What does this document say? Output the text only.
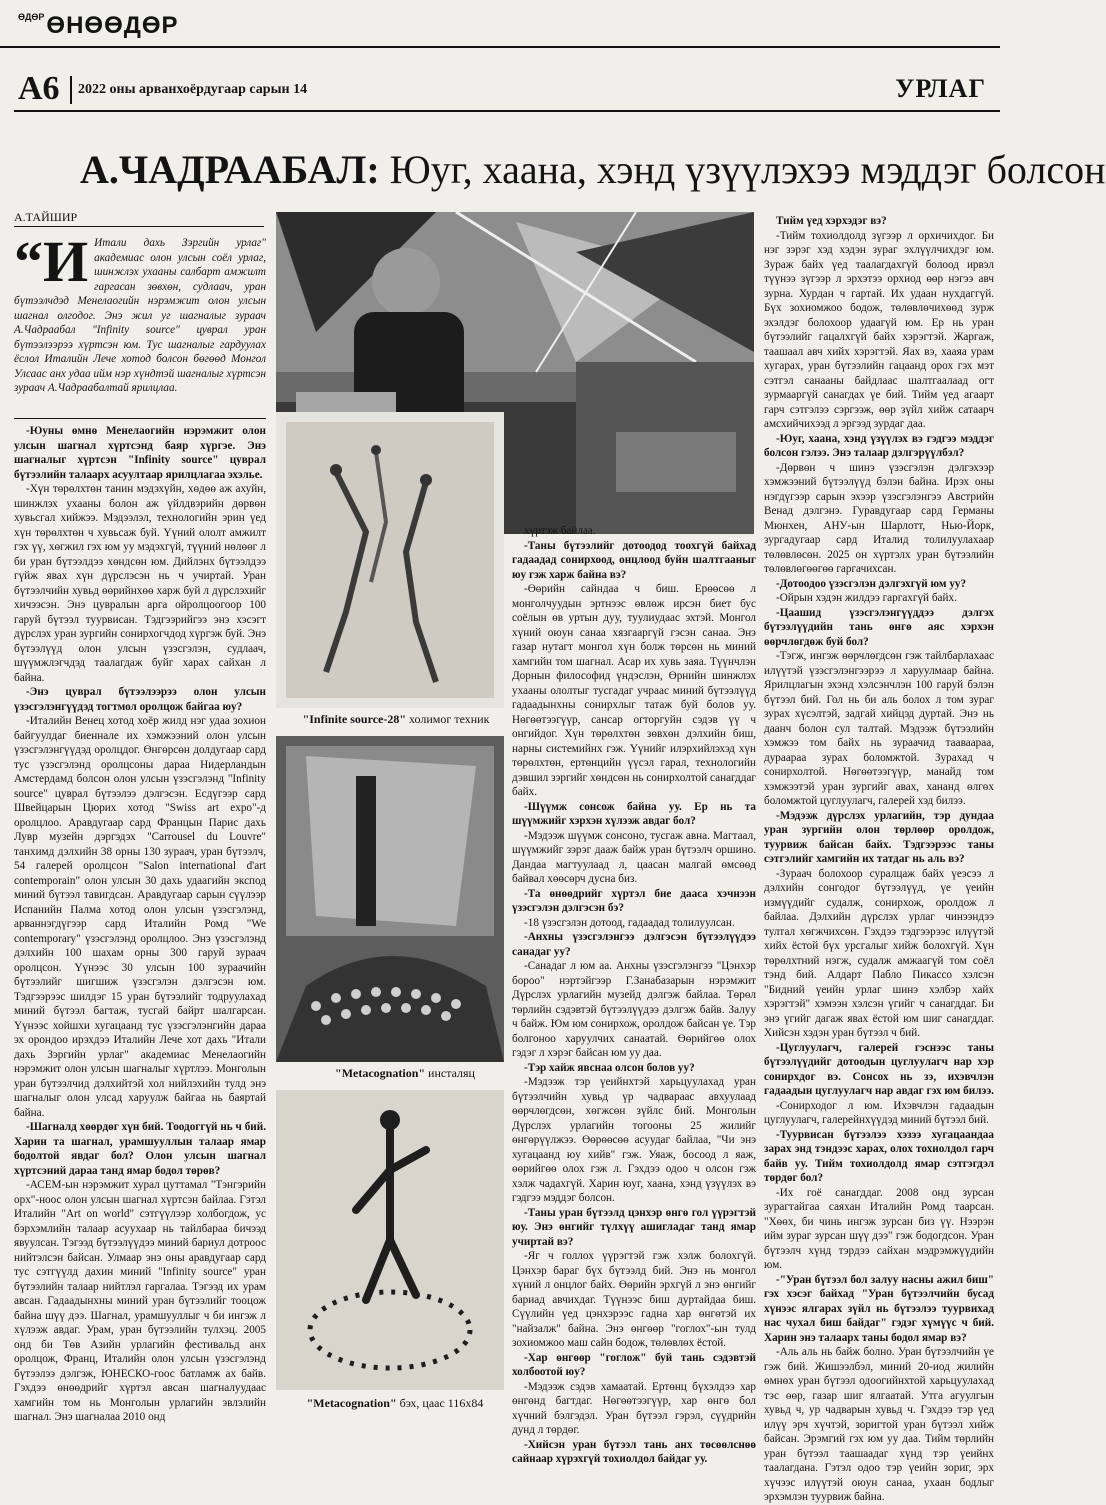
$^{ӨДӨР}$ӨНӨӨДӨР
A6 2022 оны арванхоёрдугаар сарын 14	УРЛАГ
А.ЧАДРААБАЛ: Юуг, хаана, хэнд үзүүлэхээ мэддэг болсон
А.ТАЙШИР
“И Итали дахь Зэргийн урлаг" академиас олон улсын соёл урлаг, шинжлэх ухааны салбарт амжилт гаргасан зөвхөн, судлаач, уран бүтээлчдэд Менелаогийн нэрэмжит олон улсын шагнал олгодог. Энэ жил уг шагналыг зураач А.Чадраабал "Infinity source" цуврал уран бүтээлээрээ хүртсэн юм. Тус шагналыг гардуулах ёслол Италийн Лече хотод болсон бөгөөд Монгол Улсаас анх удаа ийм нэр хүндтэй шагналыг хүртсэн зураач А.Чадраабалтай ярилцлаа.

-Юуны өмнө Менелаогийн нэрэмжит олон улсын шагнал хүртсэнд баяр хүргэе. Энэ шагналыг хүртсэн "Infinity source" цуврал бүтээлийн талаарх асуултаар ярилцлагаа эхэлье.

-Хүн төрөлхтөн танин мэдэхүйн, хөдөө аж ахуйн, шинжлэх ухааны болон аж үйлдвэрийн дөрвөн хувьсгал хийжээ. Мэдээлэл, технологийн эрин үед хүн төрөлхтөн ч хувьсаж буй. Үүний ололт амжилт гэх үү, хөгжил гэх юм уу мэдэхгүй, түүний нөлөөг л би уран бүтээлдээ хөндсөн юм. Дийлэнх бүтээлдээ гүйж явах хүн дүрслэсэн нь ч учиртай. Уран бүтээлчийн хувьд өөрийнхөө харж буй л дүрслэхийг хичээсэн. Энэ цувралын арга ойролцоогоор 100 гаруй бүтээл туурвисан. Тэдгээрийгээ энэ хэсэгт дүрслэх уран зургийн сонирхогчдод хүргэж буй. Энэ бүтээлүүд олон улсын үзэсгэлэн, судлаач, шүүмжлэгчдэд таалагдаж буйг харах сайхан л байна.

-Энэ цуврал бүтээлээрээ олон улсын үзэсгэлэнгүүдэд тогтмол оролцож байгаа юу?

-Италийн Венец хотод хоёр жилд нэг удаа зохион байгуулдаг биеннале их хэмжээний олон улсын үзэсгэлэнгүүдэд оролцдог. Өнгөрсөн долдугаар сард тус үзэсгэлэнд оролцсоны дараа Нидерландын Амстердамд болсон олон улсын үзэсгэлэнд "Infinity source" цуврал бүтээлээ дэлгэсэн. Есдүгээр сард Швейцарын Цюрих хотод "Swiss art expo"-д оролцлоо. Аравдугаар сард Францын Парис дахь Лувр музейн дэргэдэх "Carrousel du Louvre" танхимд дэлхийн 38 орны 130 зураач, уран бүтээлч, 54 галерей оролцсон "Salon international d'art contemporain" олон улсын 30 дахь удаагийн экспод миний бүтээл тавигдсан. Аравдугаар сарын сүүлээр Испанийн Палма хотод олон улсын үзэсгэлэнд, арваннэгдүгээр сард Италийн Ромд "We contemporary" үзэсгэлэнд оролцлоо. Энэ үзэсгэлэнд дэлхийн 100 шахам орны 300 гаруй зураач оролцсон. Үүнээс 30 улсын 100 зураачийн бүтээлийг шигшиж үзэсгэлэн дэлгэсэн юм. Тэдгээрээс шилдэг 15 уран бүтээлийг тодруулахад миний бүтээл багтаж, тусгай байрт шалгарсан. Үүнээс хойшхи хугацаанд тус үзэсгэлэнгийн дараа эх орондоо ирэхдээ Италийн Лече хот дахь "Итали дахь Зэргийн урлаг" академиас Менелаогийн нэрэмжит олон улсын шагналыг хүртлээ. Монголын уран бүтээлчид дэлхийтэй хол нийлэхийн тулд энэ шагналыг олон улсад харуулж байгаа нь баяртай байна.

-Шагналд хөөрдөг хүн бий. Тоодоггүй нь ч бий. Харин та шагнал, урамшууллын талаар ямар бодолтой явдаг бол? Олон улсын шагнал хүртсэний дараа танд ямар бодол төрөв?

-АСЕМ-ын нэрэмжит хурал цуттамал "Тэнгэрийн орх"-ноос олон улсын шагнал хүртсэн байлаа. Гэтэл Италийн "Art on world" сэтгүүлээр холбогдож, ус бэрхэмлийн талаар асуухаар нь тайлбараа бичээд явуулсан. Тэгээд бүтээлүүдээ миний бариул дотроос нийтэлсэн байсан. Улмаар энэ оны аравдугаар сард тус сэтгүүлд дахин миний "Infinity source" уран бүтээлийн талаар нийтлэл гаргалаа. Тэгээд их урам авсан. Гадаадынхны миний уран бүтээлийг тооцож байна шүү дээ. Шагнал, урамшууллыг ч би ингэж л хүлээж авдаг. Урам, уран бүтээлийн тулхэц. 2005 онд би Төв Азийн урлагийн фестивальд анх оролцож, Франц, Италийн олон улсын үзэсгэлэнд бүтээлээ дэлгэж, ЮНЕСКО-гоос батламж ах байв. Гэхдээ өнөөдрийг хүртэл авсан шагналуудаас хамгийн том нь Монголын урлагийн эвлэлийн шагнал. Энэ шагналаа 2010 онд

"Infinite source-28" холимог техник
"Metacognation" инсталяц
"Metacognation" бэх, цаас 116х84

хүртэж байлаа.

-Таны бүтээлийг дотоодод тоохгүй байхад гадаадад сонирхоод, онцлоод буйн шалтгааныг юу гэж харж байна вэ?

-Өөрийн сайндаа ч биш. Ерөөсөө л монголчуудын эртнээс өвлөж ирсэн биет бус соёлын өв уртын дуу, туулиудаас эхтэй. Монгол хүний оюун санаа хязгааргүй гэсэн санаа. Энэ газар нутагт монгол хүн болж төрсөн нь миний хамгийн том шагнал. Асар их хувь заяа. Түүнчлэн Дорнын философид үндэслэн, Өрнийн шинжлэх ухааны ололтыг тусгадаг учраас миний бүтээлүүд гадаадынхны сонирхлыг татаж буй болов уу. Нөгөөтээгүүр, сансар огторгуйн сэдэв үү ч онгийдог. Хүн төрөлхтөн зөвхөн дэлхийн биш, нарны системийнх гэж. Үүнийг илэрхийлэхэд хүн төрөлхтөн, ертөнцийн үүсэл гарал, технологийн дэвшил зэргийг хөндсөн нь сонирхолтой санагддаг байх.

-Шүүмж сонсож байна уу. Ер нь та шүүмжийг хэрхэн хүлээж авдаг бол?

-Мэдээж шүүмж сонсоно, тусгаж авна. Магтаал, шүүмжийг зэрэг дааж байж уран бүтээлч оршино. Дандаа магтуулаад л, цаасан малгай өмсөөд байвал хөөсөрч дусна биз.

-Та өнөөдрийг хүртэл бие дааса хэчнээн үзэсгэлэн дэлгэсэн бэ?

-18 үзэсгэлэн дотоод, гадаадад толилуулсан.

-Анхны үзэсгэлэнгээ дэлгэсэн бүтээлүүдээ санадаг уу?

-Санадаг л юм аа. Анхны үзэсгэлэнгээ "Цэнхэр бороо" нэртэйгээр Г.Занабазарын нэрэмжит Дүрслэх урлагийн музейд дэлгэж байлаа. Төрөл төрлийн сэдэвтэй бүтээлүүдээ дэлгэж байв. Залуу ч байж. Юм юм сонирхож, оролдож байсан үе. Тэр болгоноо харуулчих санаатай. Өөрийгөө олох гэдэг л хэрэг байсан юм уу даа.

-Тэр хайж явснаа олсон болов уу?

-Мэдээж тэр үеийнхтэй харьцуулахад уран бүтээлчийн хувьд үр чадвараас авхуулаад өөрчлөгдсөн, хөгжсөн зүйлс бий. Монголын Дүрслэх урлагийн тогооны 25 жилийг өнгөрүүлжээ. Өөрөөсөө асуудаг байлаа, "Чи энэ хугацаанд юу хийв" гэж. Уяаж, босоод л яаж, өөрийгөө олох гэж л. Гэхдээ одоо ч олсон гэж хэлж чадахгүй. Харин юуг, хаана, хэнд үзүүлэх вэ гэдгээ мэддэг болсон.

-Таны уран бүтээлд цэнхэр өнгө гол үүрэгтэй юу. Энэ өнгийг түлхүү ашигладаг танд ямар учиртай вэ?

-Яг ч голлох үүрэгтэй гэж хэлж болохгүй. Цэнхэр бараг бүх бүтээлд бий. Энэ нь монгол хүний л онцлог байх. Өөрийн эрхгүй л энэ өнгийг бариад авчихдаг. Түүнээс биш дуртайдаа биш. Сүүлийн үед цэнхэрээс гадна хар өнгөтэй их "найзалж" байна. Энэ өнгөөр "гоглох"-ын тулд зохиомжоо маш сайн бодож, төлөвлөх ёстой.

-Хар өнгөөр "гоглож" буй тань сэдэвтэй холбоотой юу?

-Мэдээж сэдэв хамаатай. Ертөнц бүхэлдээ хар өнгөнд багтдаг. Нөгөөтээгүүр, хар өнгө бол хүчний бэлгэдэл. Уран бүтээл гэрэл, сүүдрийн дунд л төрдөг.

-Хийсэн уран бүтээл тань анх төсөөлснөө сайнаар хүрэхгүй тохиолдол байдаг уу.

Тийм үед хэрхэдэг вэ?

-Тийм тохиолдолд зүгээр л орхичихдог. Би нэг зэрэг хэд хэдэн зураг эхлүүлчихдэг юм. Зураж байх үед таалагдахгүй болоод ирвэл түүнээ зүгээр л эрхэтээ орхиод өөр нэгээ авч зурна. Хурдан ч гартай. Их удаан нухдаггүй. Бүх зохиомжоо бодож, төлөвлөчихөөд зурж эхэлдэг болохоор удаагүй юм. Ер нь уран бүтээлийг гацалхгүй байх хэрэгтэй. Жаргаж, таашаал авч хийх хэрэгтэй. Яах вэ, хааяа урам хугарах, уран бүтээлийн гацаанд орох гэх мэт сэтгэл санааны байдлаас шалтгаалаад огт зурмааргүй санагдах үе бий. Тийм үед агаарт гарч сэтгэлээ сэргээж, өөр зүйл хийж сатаарч амсхийчихээд л эргээд зурдаг даа.

-Юуг, хаана, хэнд үзүүлэх вэ гэдгээ мэддэг болсон гэлээ. Энэ талаар дэлгэрүүлбэл?

-Дөрвөн ч шинэ үзэсгэлэн дэлгэхээр хэмжээний бүтээлүүд бэлэн байна. Ирэх оны нэгдүгээр сарын эхээр үзэсгэлэнгээ Австрийн Венад дэлгэнэ. Гуравдугаар сард Германы Мюнхен, АНУ-ын Шарлотт, Нью-Йорк, зургадугаар сард Италид толилуулахаар төлөвлөсөн. 2025 он хүртэлх уран бүтээлийн төлөвлөгөөгөө гаргачихсан.

-Дотоодоо үзэсгэлэн дэлгэхгүй юм уу?

-Ойрын хэдэн жилдээ гаргахгүй байх.

-Цаашид үзэсгэлэнгүүддээ дэлгэх бүтээлүүдийн тань өнгө аяс хэрхэн өөрчлөгдөж буй бол?

-Тэгж, ингэж өөрчлөгдсөн гэж тайлбарлахаас илүүтэй үзэсгэлэнгээрээ л харуулмаар байна. Ярилцлагын эхэнд хэлсэнчлэн 100 гаруй бэлэн бүтээл бий. Гол нь би аль болох л том зураг зурах хүсэлтэй, задгай хийцэд дуртай. Энэ нь даанч болон сул талтай. Мэдээж бүтээлийн хэмжээ том байх нь зураачид тааваараа, дураараа зурах боломжтой. Зурахад ч сонирхолтой. Нөгөөтээгүүр, манайд том хэмжээтэй уран зургийг авах, хананд өлгөх боломжтой цуглуулагч, галерей хэд билээ.

-Мэдээж дүрслэх урлагийн, тэр дундаа уран зургийн олон төрлөөр оролдож, туурвиж байсан байх. Тэдгээрээс таны сэтгэлийг хамгийн их татдаг нь аль вэ?

-Зураач болохоор суралцаж байх үеэсээ л дэлхийн сонгодог бүтээлүүд, үе үеийн измүүдийг судалж, сонирхож, оролдож л байлаа. Дэлхийн дүрслэх урлаг чинээндээ тултал хөгжчихсөн. Гэхдээ тэдгээрээс илүүтэй хийх ёстой бүх урсгалыг хийж болохгүй. Хүн төрөлхтний нэгж, судалж амжаагүй том соёл тэнд бий. Алдарт Пабло Пикассо хэлсэн "Бидний үеийн урлаг шинэ хэлбэр хайх хэрэгтэй" хэмээн хэлсэн үгийг ч санагддаг. Би энэ үгийг дагаж явах ёстой юм шиг санагддаг. Хийсэн хэдэн уран бүтээл ч бий.

-Цуглуулагч, галерей гэснээс таны бүтээлүүдийг дотоодын цуглуулагч нар хэр сонирхдог вэ. Сонсох нь зэ, ихэвчлэн гадаадын цуглуулагч нар авдаг гэх юм билээ.

-Сонирходог л юм. Ихэвчлэн гадаадын цуглуулагч, галерейнхүүдэд миний бүтээл бий.

-Туурвисан бүтээлээ хэзээ хугацаандаа зарах энд тэндээс харах, олох тохиолдол гарч байв уу. Тийм тохиолдолд ямар сэтгэгдэл төрдөг бол?

-Их гоё санагддаг. 2008 онд зурсан зурагтайгаа саяхан Италийн Ромд таарсан. "Хөөх, би чинь ингэж зурсан биз үү. Нээрэн ийм зураг зурсан шүү дээ" гэж бодогдсон. Уран бүтээлч хүнд тэрдээ сайхан мэдрэмжүүдийн юм.

-"Уран бүтээл бол залуу насны ажил биш" гэх хэсэг байхад "Уран бүтээлчийн бусад хүнээс ялгарах зүйл нь бүтээлээ туурвихад нас чухал биш байдаг" гэдэг хүмүүс ч бий. Харин энэ талаарх таны бодол ямар вэ?

-Аль аль нь байж болно. Уран бүтээлчийн үе гэж бий. Жишээлбэл, миний 20-иод жилийн өмнөх уран бүтээл одоогийнхтой харьцуулахад тэс өөр, газар шиг ялгаатай. Утга агуулгын хувьд ч, ур чадварын хувьд ч. Гэхдээ тэр үед илүү эрч хүчтэй, зоригтой уран бүтээл хийж байсан. Эрэмгий гэх юм уу даа. Тийм төрлийн уран бүтээл таашаадаг хүнд тэр үеийнх таалагдана. Гэтэл одоо тэр үеийн зориг, эрх хүчээс илүүтэй оюун санаа, ухаан бодлыг эрхэмлэн туурвиж байна.
